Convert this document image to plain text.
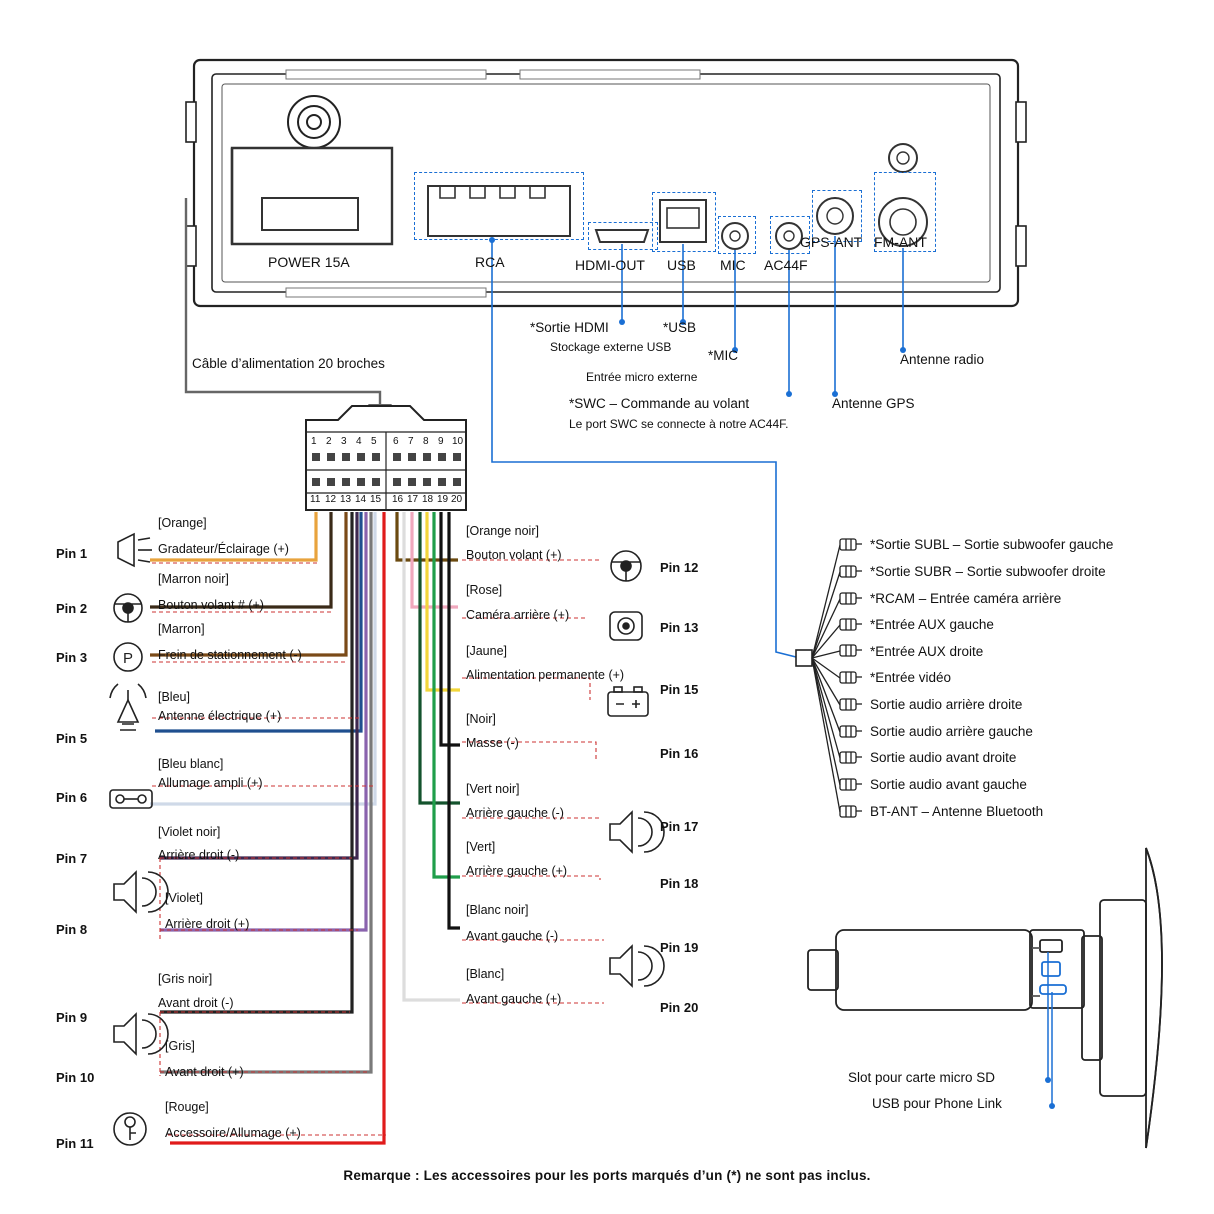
P
POWER 15A	RCA	HDMI-OUT USB MIC AC44F
GPS-ANT FM-ANT
*Sortie HDMI	*USB
Stockage externe USB
*MIC
Entrée micro externe
*SWC – Commande au volant
Le port SWC se connecte à notre AC44F.
Antenne GPS
Antenne radio
Câble d’alimentation 20 broches
1 2 3 4 5 6 7 8 9 10
11 12 13 14 15 16 17 18 19 20
Pin 1
[Orange]
Gradateur/Éclairage (+)
Pin 2
[Marron noir]
Bouton volant # (+)
Pin 3
[Marron]
Frein de stationnement (-)
Pin 5
[Bleu]
Antenne électrique (+)
Pin 6
[Bleu blanc]
Allumage ampli (+)
Pin 7
[Violet noir]
Arrière droit (-)
Pin 8
[Violet]
Arrière droit (+)
Pin 9
[Gris noir]
Avant droit (-)
Pin 10
[Gris]
Avant droit (+)
Pin 11
[Rouge]
Accessoire/Allumage (+)
Pin 12
[Orange noir]
Bouton volant (+)
Pin 13
[Rose]
Caméra arrière (+)
Pin 15
[Jaune]
Alimentation permanente (+)
Pin 16
[Noir]
Masse (-)
Pin 17
[Vert noir]
Arrière gauche (-)
Pin 18
[Vert]
Arrière gauche (+)
Pin 19
[Blanc noir]
Avant gauche (-)
Pin 20
[Blanc]
Avant gauche (+)
*Sortie SUBL – Sortie subwoofer gauche
*Sortie SUBR – Sortie subwoofer droite
*RCAM – Entrée caméra arrière
*Entrée AUX gauche
*Entrée AUX droite
*Entrée vidéo
Sortie audio arrière droite
Sortie audio arrière gauche
Sortie audio avant droite
Sortie audio avant gauche
BT-ANT – Antenne Bluetooth
Slot pour carte micro SD
USB pour Phone Link
Remarque : Les accessoires pour les ports marqués d’un (*) ne sont pas inclus.
